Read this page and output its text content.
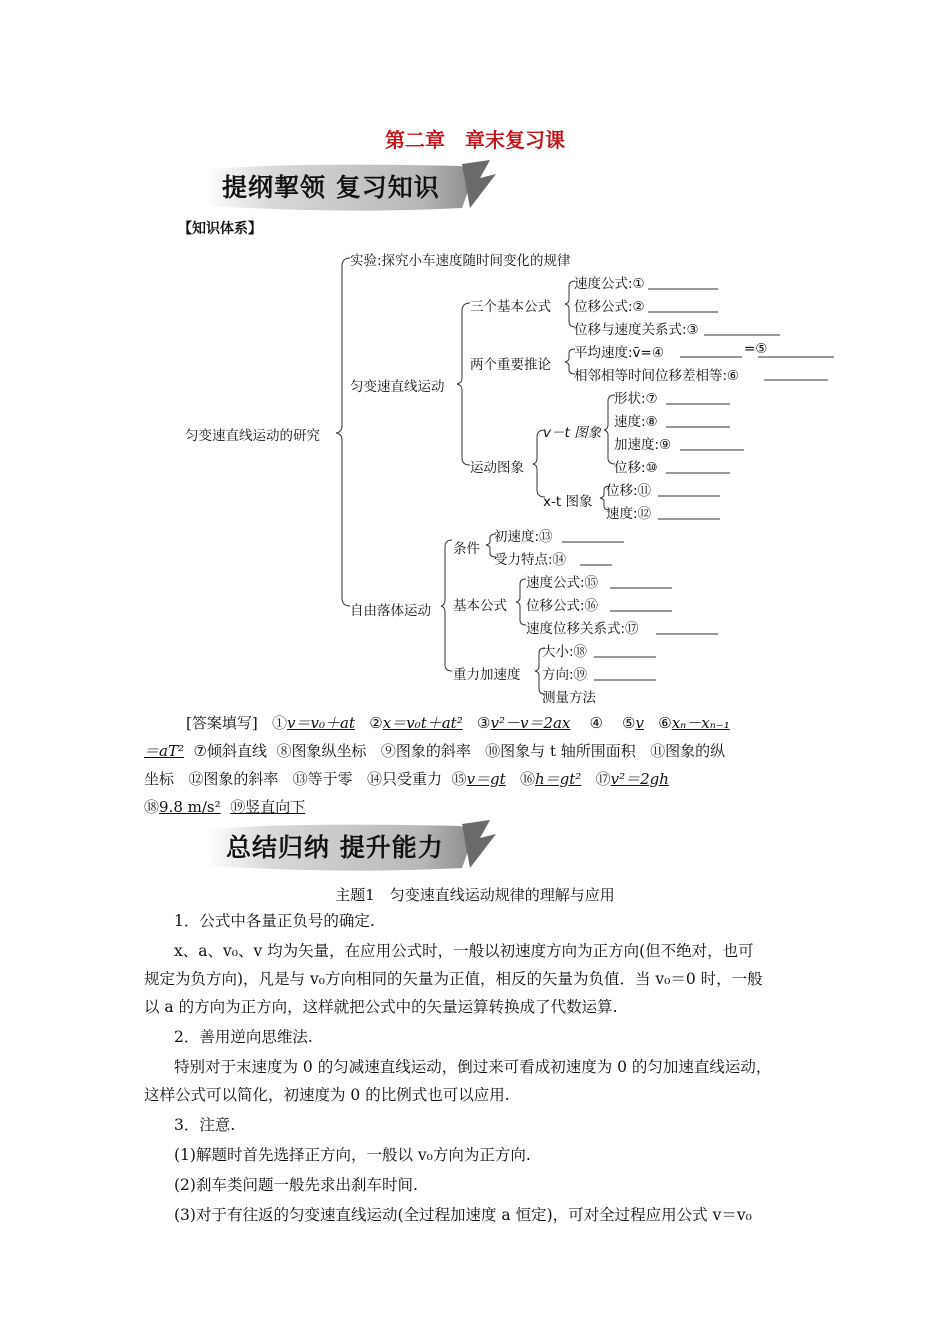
第二章　章末复习课
提纲挈领 复习知识
【知识体系】
匀变速直线运动的研究
实验:探究小车速度随时间变化的规律
匀变速直线运动
三个基本公式
速度公式:①
位移公式:②
位移与速度关系式:③
两个重要推论
平均速度:v̄=④	=⑤
相邻相等时间位移差相等:⑥
运动图象
v－t 图象
形状:⑦
速度:⑧
加速度:⑨
位移:⑩
x-t 图象
位移:⑪
速度:⑫
自由落体运动
条件
初速度:⑬
受力特点:⑭
基本公式
速度公式:⑮
位移公式:⑯
速度位移关系式:⑰
重力加速度
大小:⑱
方向:⑲
测量方法
[答案填写] ①v＝v₀＋at ②x＝v₀t＋at² ③v²－v＝2ax ④ ⑤v ⑥xₙ－xₙ₋₁
＝aT² ⑦倾斜直线 ⑧图象纵坐标 ⑨图象的斜率 ⑩图象与 t 轴所围面积 ⑪图象的纵
坐标 ⑫图象的斜率 ⑬等于零 ⑭只受重力 ⑮v＝gt ⑯h＝gt² ⑰v²＝2gh
⑱9.8 m/s² ⑲竖直向下
总结归纳 提升能力
主题1　匀变速直线运动规律的理解与应用
1．公式中各量正负号的确定.
x、a、v₀、v 均为矢量，在应用公式时，一般以初速度方向为正方向(但不绝对，也可
规定为负方向)，凡是与 v₀方向相同的矢量为正值，相反的矢量为负值．当 v₀＝0 时，一般
以 a 的方向为正方向，这样就把公式中的矢量运算转换成了代数运算.
2．善用逆向思维法.
特别对于末速度为 0 的匀减速直线运动，倒过来可看成初速度为 0 的匀加速直线运动，
这样公式可以简化，初速度为 0 的比例式也可以应用.
3．注意.
(1)解题时首先选择正方向，一般以 v₀方向为正方向.
(2)刹车类问题一般先求出刹车时间.
(3)对于有往返的匀变速直线运动(全过程加速度 a 恒定)，可对全过程应用公式 v＝v₀
